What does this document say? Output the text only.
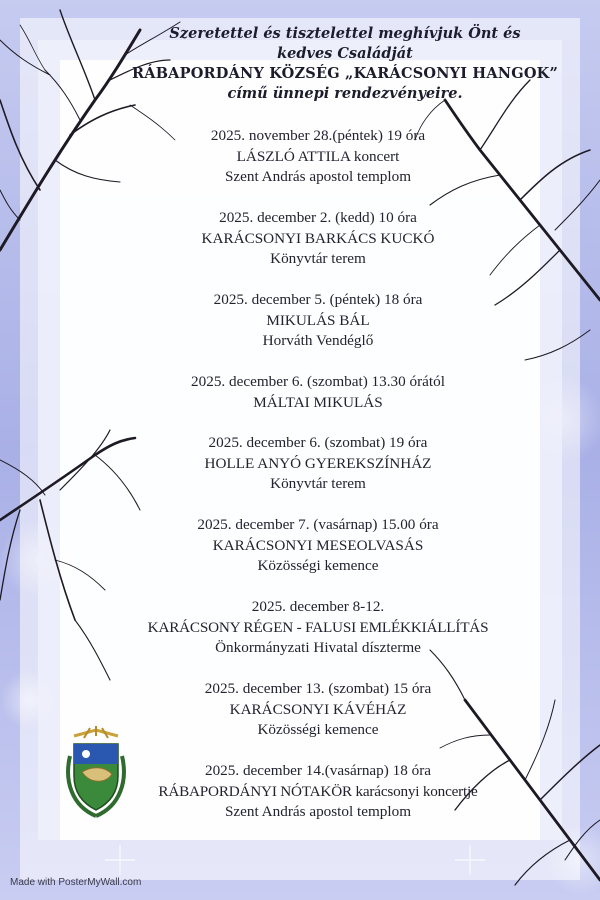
Szeretettel és tisztelettel meghívjuk Önt és
kedves Családját
RÁBAPORDÁNY KÖZSÉG „KARÁCSONYI HANGOK”
című ünnepi rendezvényeire.
2025. november 28.(péntek) 19 óra
LÁSZLÓ ATTILA koncert
Szent András apostol templom
2025. december 2. (kedd) 10 óra
KARÁCSONYI BARKÁCS KUCKÓ
Könyvtár terem
2025. december 5. (péntek) 18 óra
MIKULÁS BÁL
Horváth Vendéglő
2025. december 6. (szombat) 13.30 órától
MÁLTAI MIKULÁS
2025. december 6. (szombat) 19 óra
HOLLE ANYÓ GYEREKSZÍNHÁZ
Könyvtár terem
2025. december 7. (vasárnap) 15.00 óra
KARÁCSONYI MESEOLVASÁS
Közösségi kemence
2025. december 8-12.
KARÁCSONY RÉGEN - FALUSI EMLÉKKIÁLLÍTÁS
Önkormányzati Hivatal díszterme
2025. december 13. (szombat) 15 óra
KARÁCSONYI KÁVÉHÁZ
Közösségi kemence
2025. december 14.(vasárnap) 18 óra
RÁBAPORDÁNYI NÓTAKÖR karácsonyi koncertje
Szent András apostol templom
Made with PosterMyWall.com
